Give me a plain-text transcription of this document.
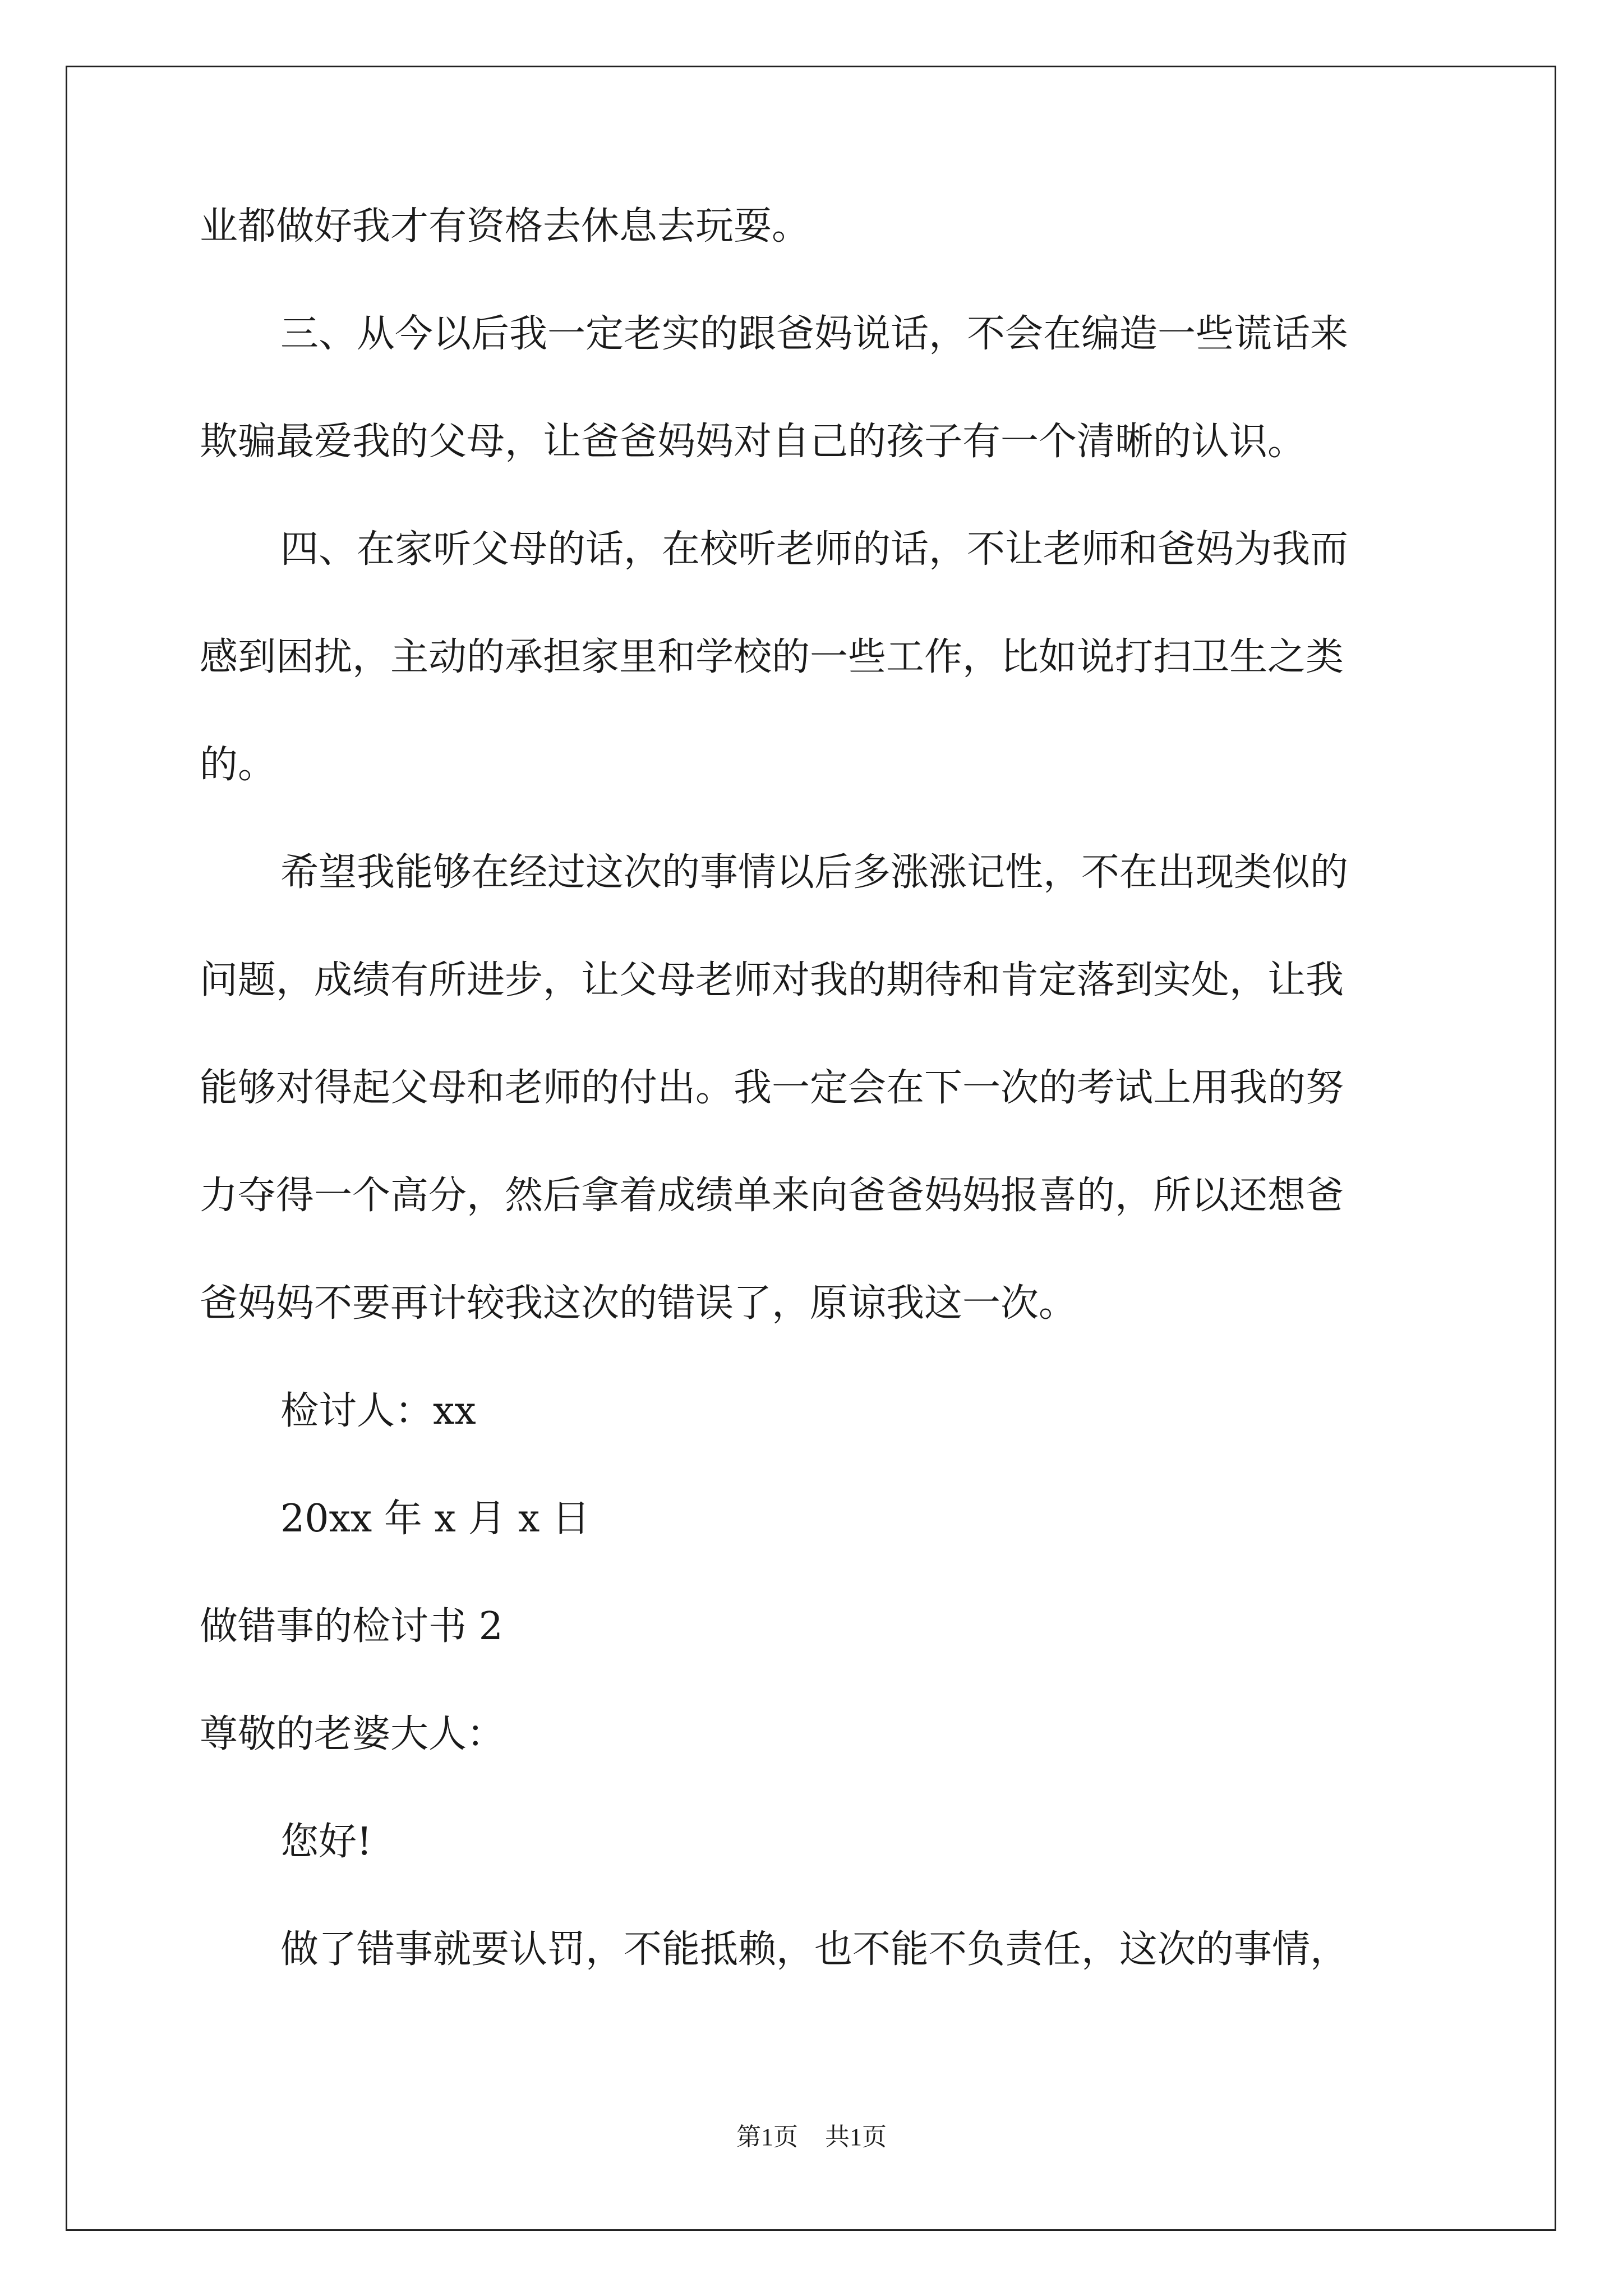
业都做好我才有资格去休息去玩耍。
三、从今以后我一定老实的跟爸妈说话，不会在编造一些谎话来
欺骗最爱我的父母，让爸爸妈妈对自己的孩子有一个清晰的认识。
四、在家听父母的话，在校听老师的话，不让老师和爸妈为我而
感到困扰，主动的承担家里和学校的一些工作，比如说打扫卫生之类
的。
希望我能够在经过这次的事情以后多涨涨记性，不在出现类似的
问题，成绩有所进步，让父母老师对我的期待和肯定落到实处，让我
能够对得起父母和老师的付出。我一定会在下一次的考试上用我的努
力夺得一个高分，然后拿着成绩单来向爸爸妈妈报喜的，所以还想爸
爸妈妈不要再计较我这次的错误了，原谅我这一次。
检讨人：xx
20xx 年 x 月 x 日
做错事的检讨书 2
尊敬的老婆大人：
您好!
做了错事就要认罚，不能抵赖，也不能不负责任，这次的事情，
第1页 共1页
